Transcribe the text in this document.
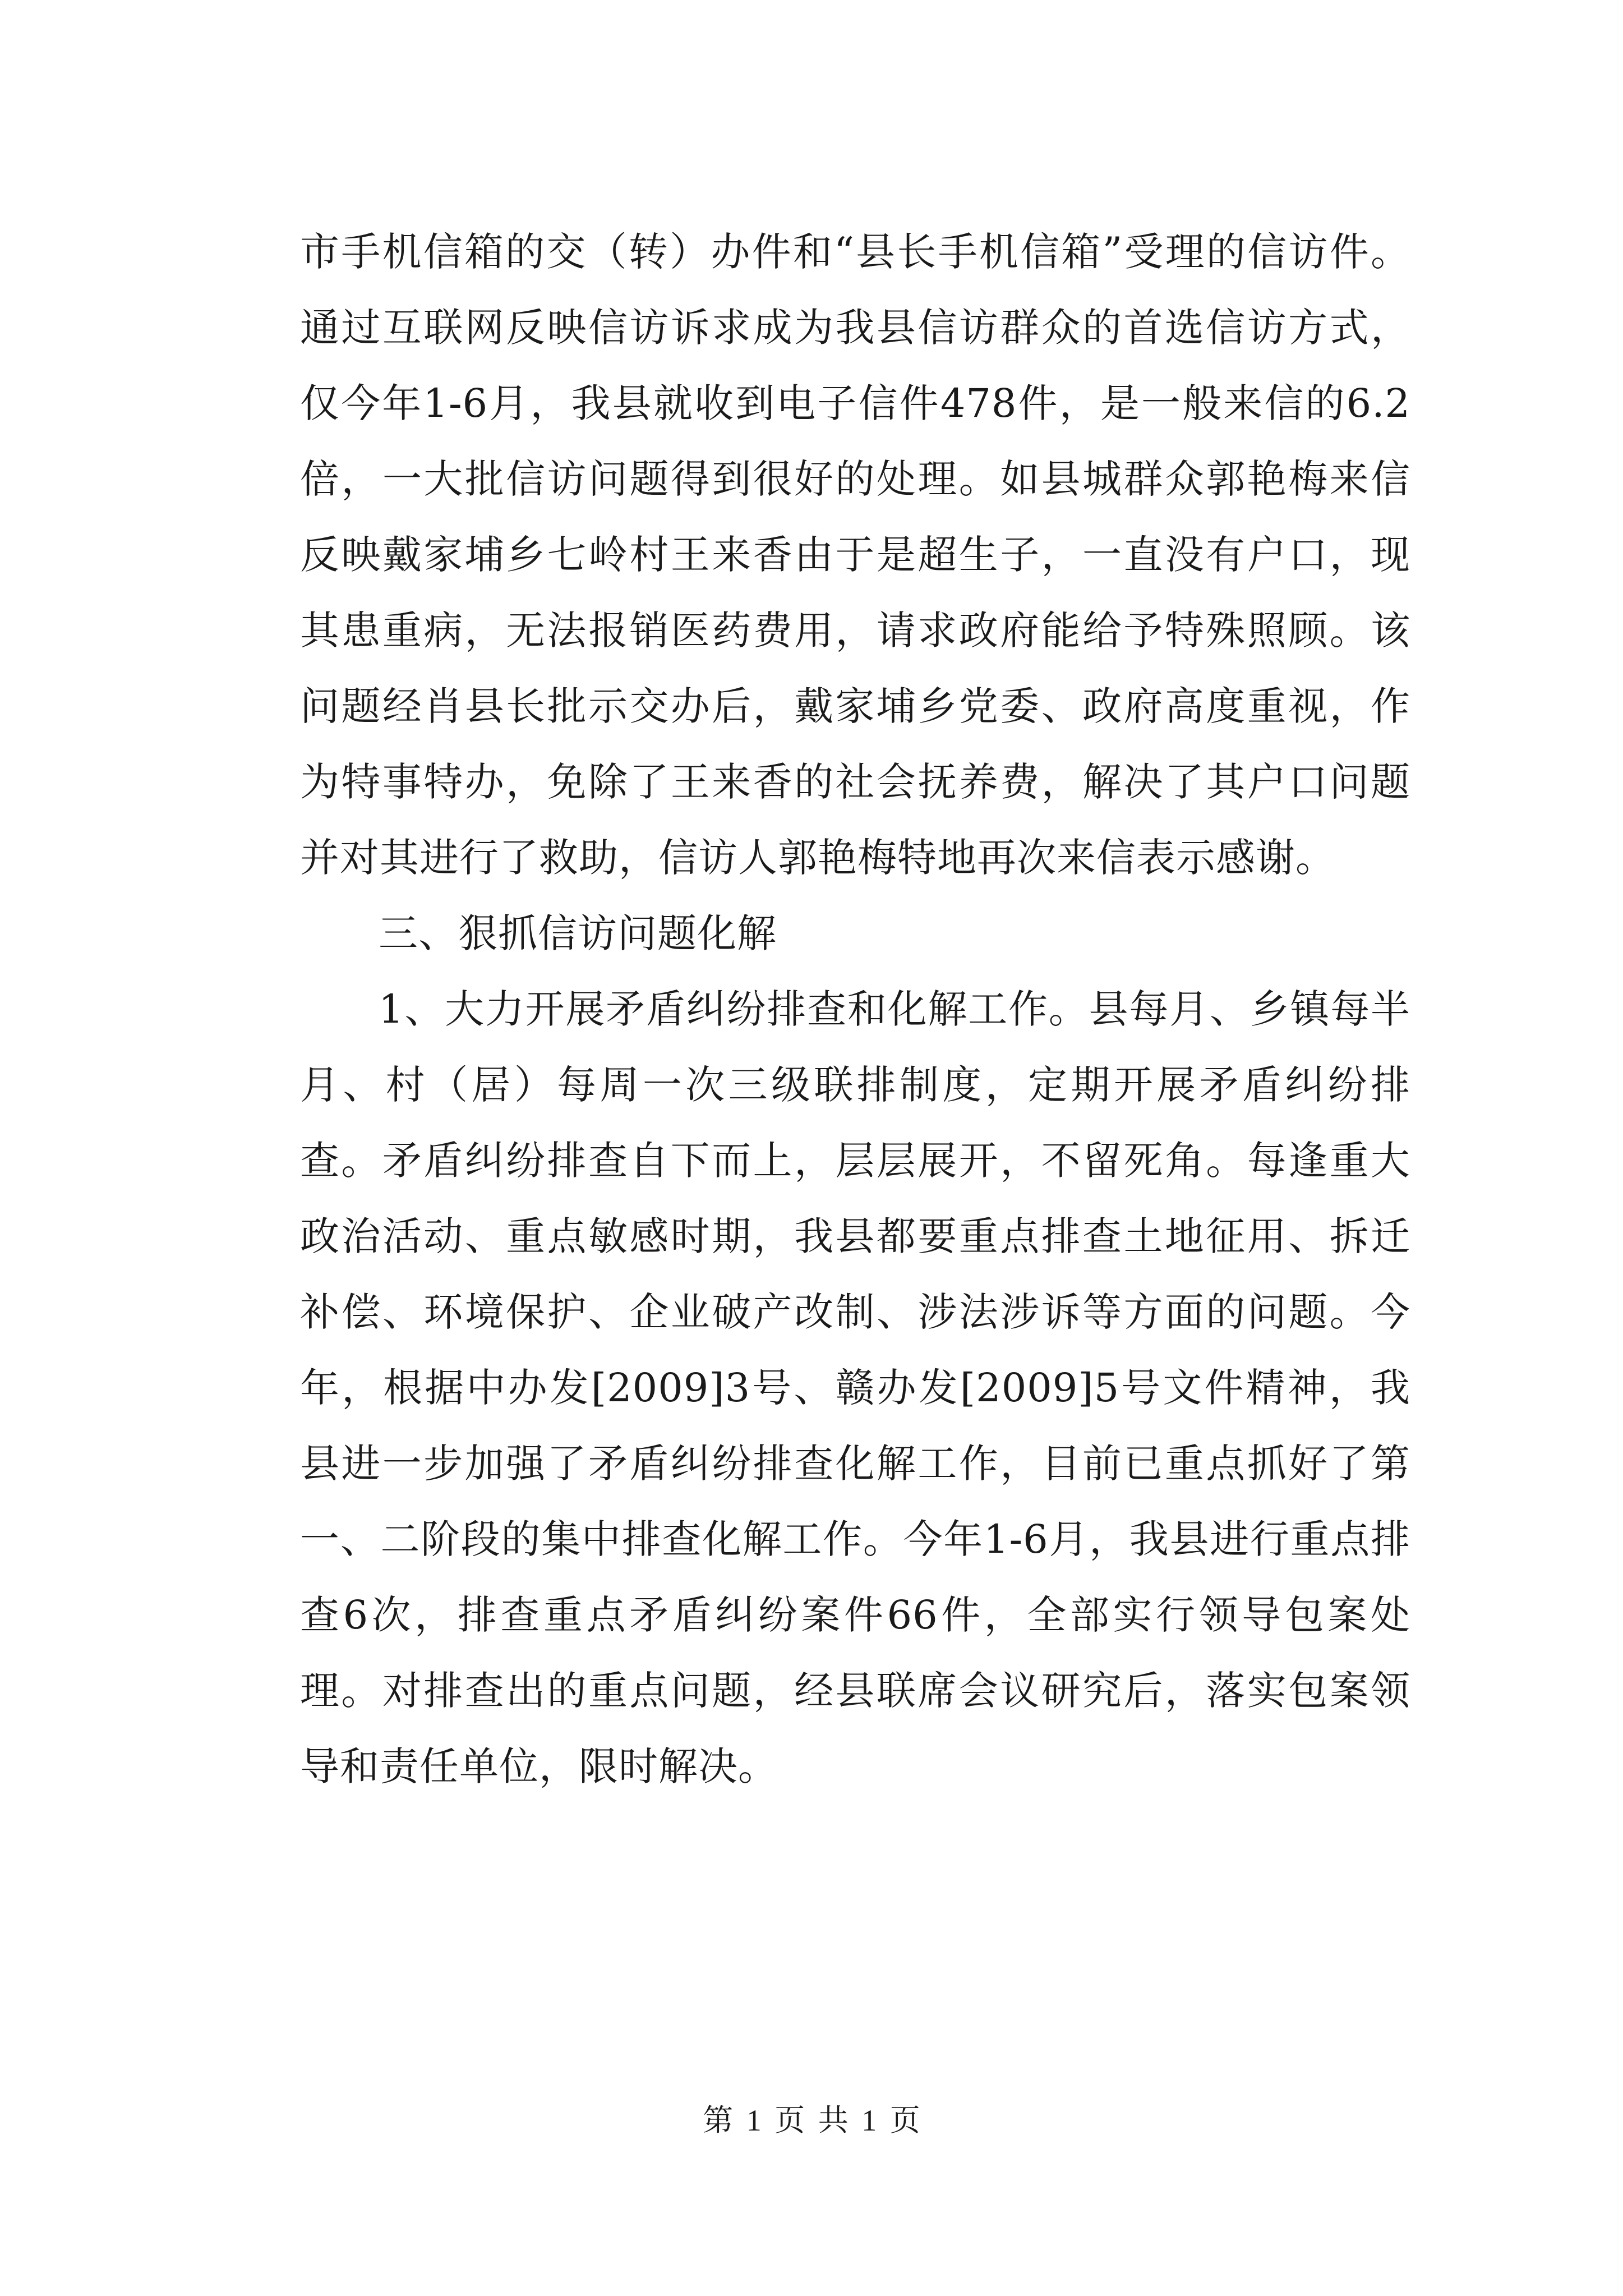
市手机信箱的交（转）办件和“县长手机信箱”受理的信访件。通过互联网反映信访诉求成为我县信访群众的首选信访方式，仅今年1-6月，我县就收到电子信件478件，是一般来信的6.2倍，一大批信访问题得到很好的处理。如县城群众郭艳梅来信反映戴家埔乡七岭村王来香由于是超生子，一直没有户口，现其患重病，无法报销医药费用，请求政府能给予特殊照顾。该问题经肖县长批示交办后，戴家埔乡党委、政府高度重视，作为特事特办，免除了王来香的社会抚养费，解决了其户口问题并对其进行了救助，信访人郭艳梅特地再次来信表示感谢。

三、狠抓信访问题化解

1、大力开展矛盾纠纷排查和化解工作。县每月、乡镇每半月、村（居）每周一次三级联排制度，定期开展矛盾纠纷排查。矛盾纠纷排查自下而上，层层展开，不留死角。每逢重大政治活动、重点敏感时期，我县都要重点排查土地征用、拆迁补偿、环境保护、企业破产改制、涉法涉诉等方面的问题。今年，根据中办发[2009]3号、赣办发[2009]5号文件精神，我县进一步加强了矛盾纠纷排查化解工作，目前已重点抓好了第一、二阶段的集中排查化解工作。今年1-6月，我县进行重点排查6次，排查重点矛盾纠纷案件66件，全部实行领导包案处理。对排查出的重点问题，经县联席会议研究后，落实包案领导和责任单位，限时解决。

第 1 页 共 1 页
